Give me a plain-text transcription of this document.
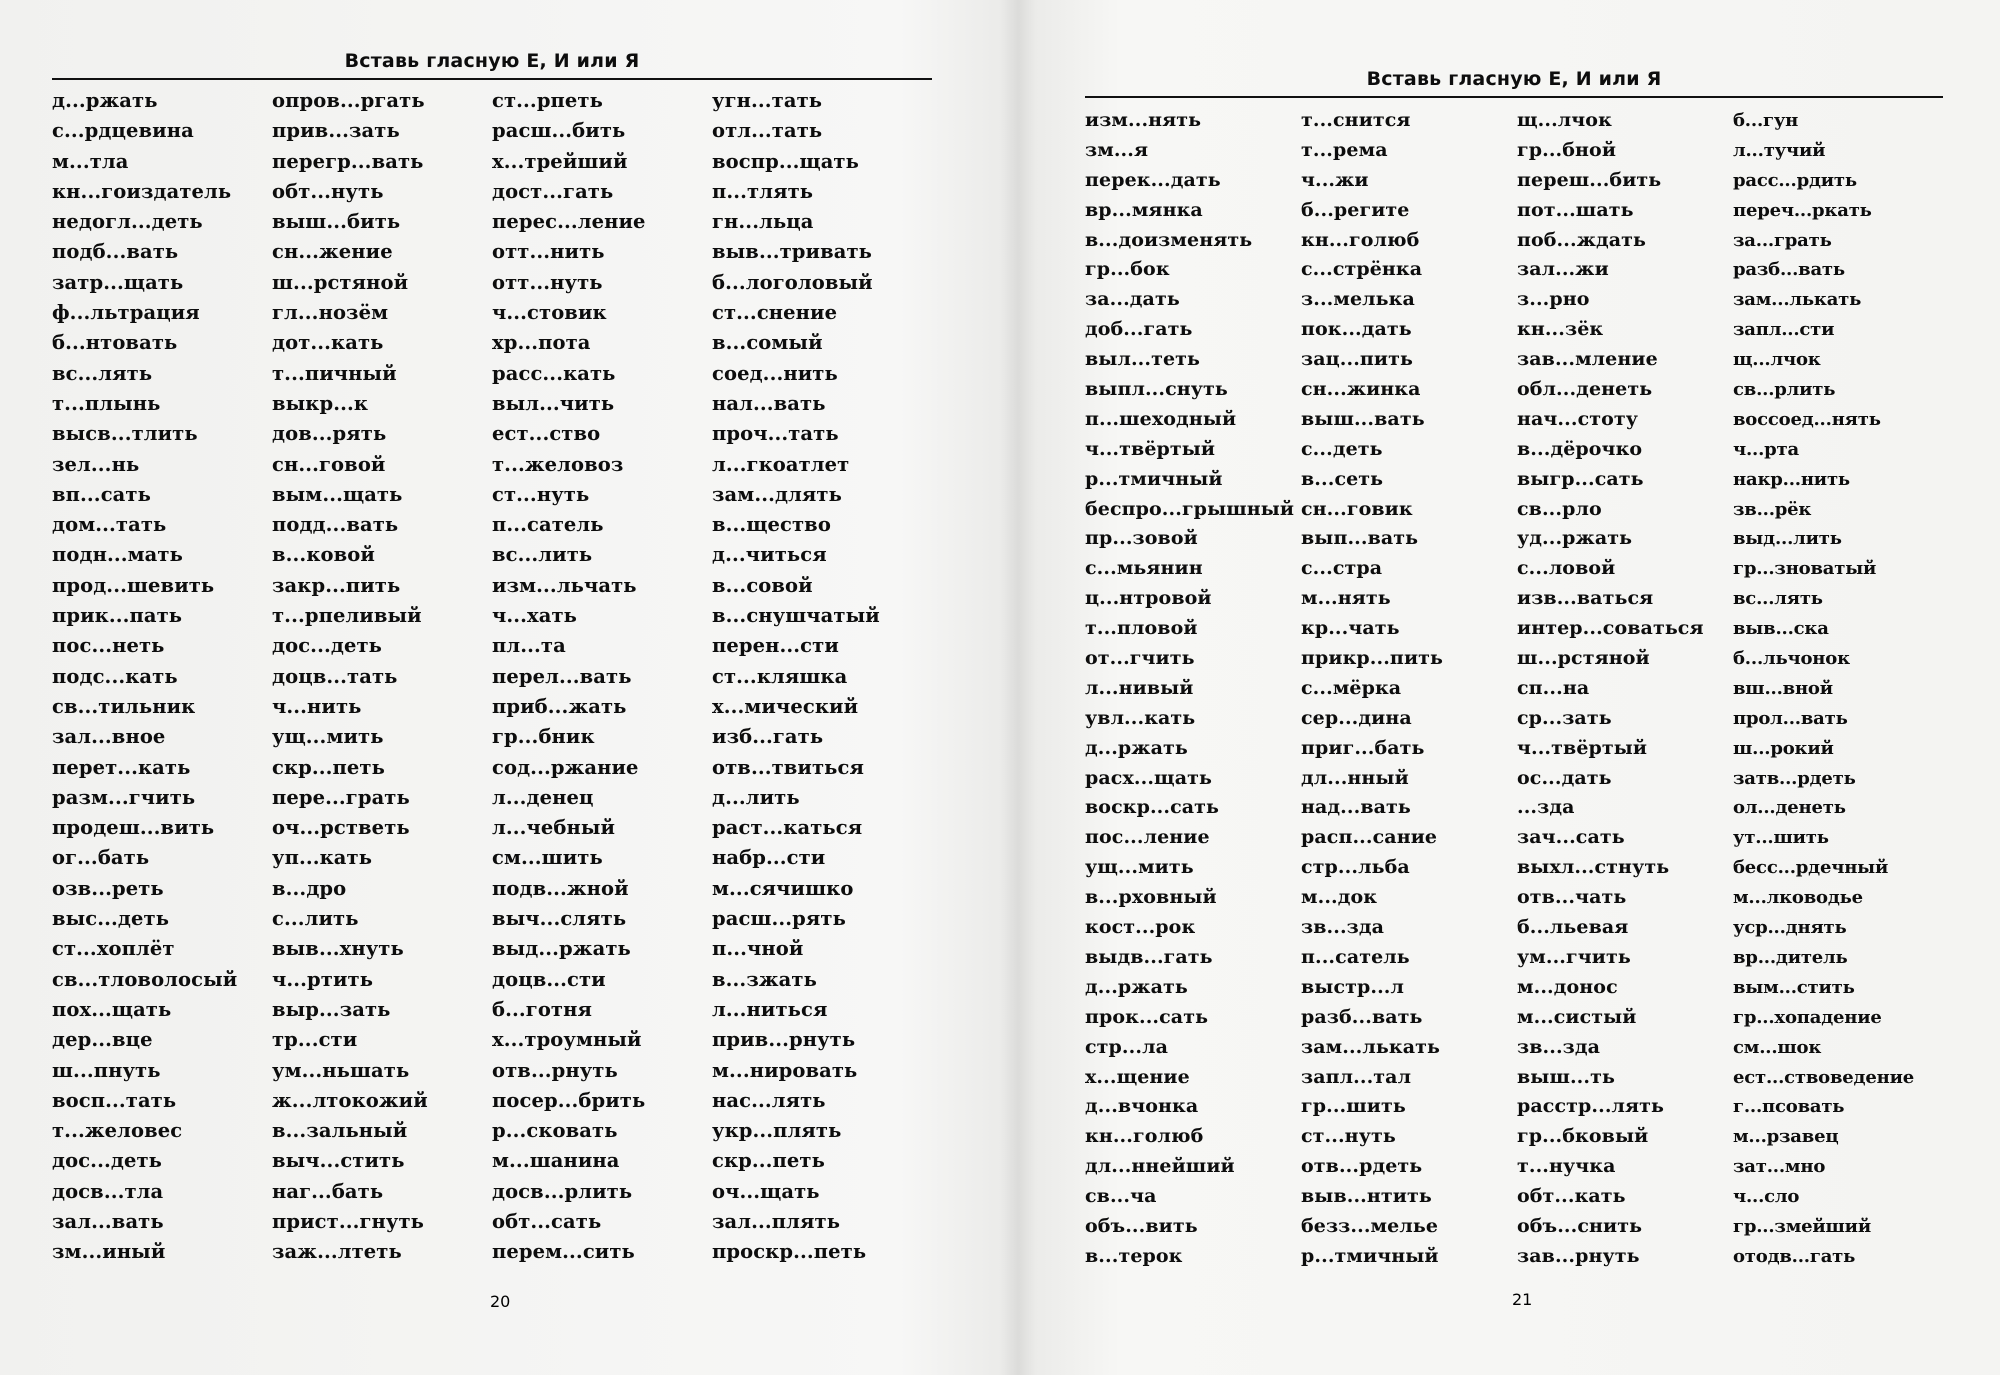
Вставь гласную Е, И или Я
д...ржать
с...рдцевина
м...тла
кн...гоиздатель
недогл...деть
подб...вать
затр...щать
ф...льтрация
б...нтовать
вс...лять
т...плынь
высв...тлить
зел...нь
вп...сать
дом...тать
подн...мать
прод...шевить
прик...пать
пос...неть
подс...кать
св...тильник
зал...вное
перет...кать
разм...гчить
продеш...вить
ог...бать
озв...реть
выс...деть
ст...хоплёт
св...тловолосый
пох...щать
дер...вце
ш...пнуть
восп...тать
т...желовес
дос...деть
досв...тла
зал...вать
зм...иный
опров...ргать
прив...зать
перегр...вать
обт...нуть
выш...бить
сн...жение
ш...рстяной
гл...нозём
дот...кать
т...пичный
выкр...к
дов...рять
сн...говой
вым...щать
подд...вать
в...ковой
закр...пить
т...рпеливый
дос...деть
доцв...тать
ч...нить
ущ...мить
скр...петь
пере...грать
оч...рстветь
уп...кать
в...дро
с...лить
выв...хнуть
ч...ртить
выр...зать
тр...сти
ум...ньшать
ж...лтокожий
в...зальный
выч...стить
наг...бать
прист...гнуть
заж...лтеть
ст...рпеть
расш...бить
х...трейший
дост...гать
перес...ление
отт...нить
отт...нуть
ч...стовик
хр...пота
расс...кать
выл...чить
ест...ство
т...желовоз
ст...нуть
п...сатель
вс...лить
изм...льчать
ч...хать
пл...та
перел...вать
приб...жать
гр...бник
сод...ржание
л...денец
л...чебный
см...шить
подв...жной
выч...слять
выд...ржать
доцв...сти
б...готня
х...троумный
отв...рнуть
посер...брить
р...сковать
м...шанина
досв...рлить
обт...сать
перем...сить
угн...тать
отл...тать
воспр...щать
п...тлять
гн...льца
выв...тривать
б...логоловый
ст...снение
в...сомый
соед...нить
нал...вать
проч...тать
л...гкоатлет
зам...длять
в...щество
д...читься
в...совой
в...снушчатый
перен...сти
ст...кляшка
х...мический
изб...гать
отв...твиться
д...лить
раст...каться
набр...сти
м...сячишко
расш...рять
п...чной
в...зжать
л...ниться
прив...рнуть
м...нировать
нас...лять
укр...плять
скр...петь
оч...щать
зал...плять
проскр...петь
20
Вставь гласную Е, И или Я
изм...нять
зм...я
перек...дать
вр...мянка
в...доизменять
гр...бок
за...дать
доб...гать
выл...теть
выпл...снуть
п...шеходный
ч...твёртый
р...тмичный
беспро...грышный
пр...зовой
с...мьянин
ц...нтровой
т...пловой
от...гчить
л...нивый
увл...кать
д...ржать
расх...щать
воскр...сать
пос...ление
ущ...мить
в...рховный
кост...рок
выдв...гать
д...ржать
прок...сать
стр...ла
х...щение
д...вчонка
кн...голюб
дл...ннейший
св...ча
объ...вить
в...терок
т...снится
т...рема
ч...жи
б...регите
кн...голюб
с...стрёнка
з...мелька
пок...дать
зац...пить
сн...жинка
выш...вать
с...деть
в...сеть
сн...говик
вып...вать
с...стра
м...нять
кр...чать
прикр...пить
с...мёрка
сер...дина
приг...бать
дл...нный
над...вать
расп...сание
стр...льба
м...док
зв...зда
п...сатель
выстр...л
разб...вать
зам...лькать
запл...тал
гр...шить
ст...нуть
отв...рдеть
выв...нтить
безз...мелье
р...тмичный
щ...лчок
гр...бной
переш...бить
пот...шать
поб...ждать
зал...жи
з...рно
кн...зёк
зав...мление
обл...денеть
нач...стоту
в...дёрочко
выгр...сать
св...рло
уд...ржать
с...ловой
изв...ваться
интер...соваться
ш...рстяной
сп...на
ср...зать
ч...твёртый
ос...дать
...зда
зач...сать
выхл...стнуть
отв...чать
б...льевая
ум...гчить
м...донос
м...систый
зв...зда
выш...ть
расстр...лять
гр...бковый
т...нучка
обт...кать
объ...снить
зав...рнуть
б...гун
л...тучий
расс...рдить
переч...ркать
за...грать
разб...вать
зам...лькать
запл...сти
щ...лчок
св...рлить
воссоед...нять
ч...рта
накр...нить
зв...рёк
выд...лить
гр...зноватый
вс...лять
выв...ска
б...льчонок
вш...вной
прол...вать
ш...рокий
затв...рдеть
ол...денеть
ут...шить
бесс...рдечный
м...лководье
уср...днять
вр...дитель
вым...стить
гр...хопадение
см...шок
ест...ствоведение
г...псовать
м...рзавец
зат...мно
ч...сло
гр...змейший
отодв...гать
21
